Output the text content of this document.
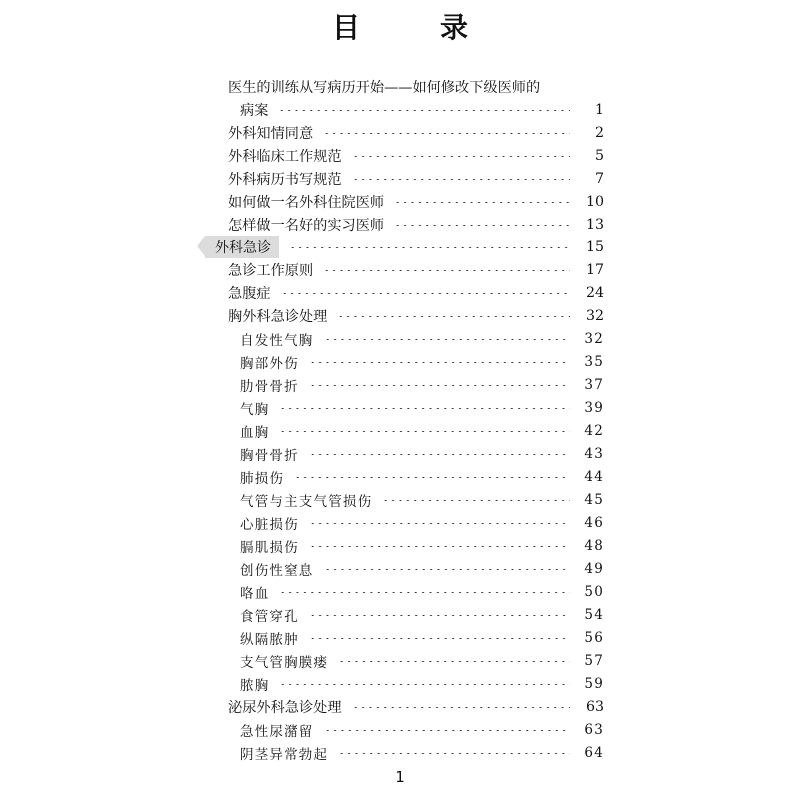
目　录
医生的训练从写病历开始——如何修改下级医师的
病案	1
外科知情同意	2
外科临床工作规范	5
外科病历书写规范	7
如何做一名外科住院医师	10
怎样做一名好的实习医师	13
外科急诊	15
急诊工作原则	17
急腹症	24
胸外科急诊处理	32
自发性气胸	32
胸部外伤	35
肋骨骨折	37
气胸	39
血胸	42
胸骨骨折	43
肺损伤	44
气管与主支气管损伤	45
心脏损伤	46
膈肌损伤	48
创伤性窒息	49
咯血	50
食管穿孔	54
纵隔脓肿	56
支气管胸膜瘘	57
脓胸	59
泌尿外科急诊处理	63
急性尿潴留	63
阴茎异常勃起	64
1
